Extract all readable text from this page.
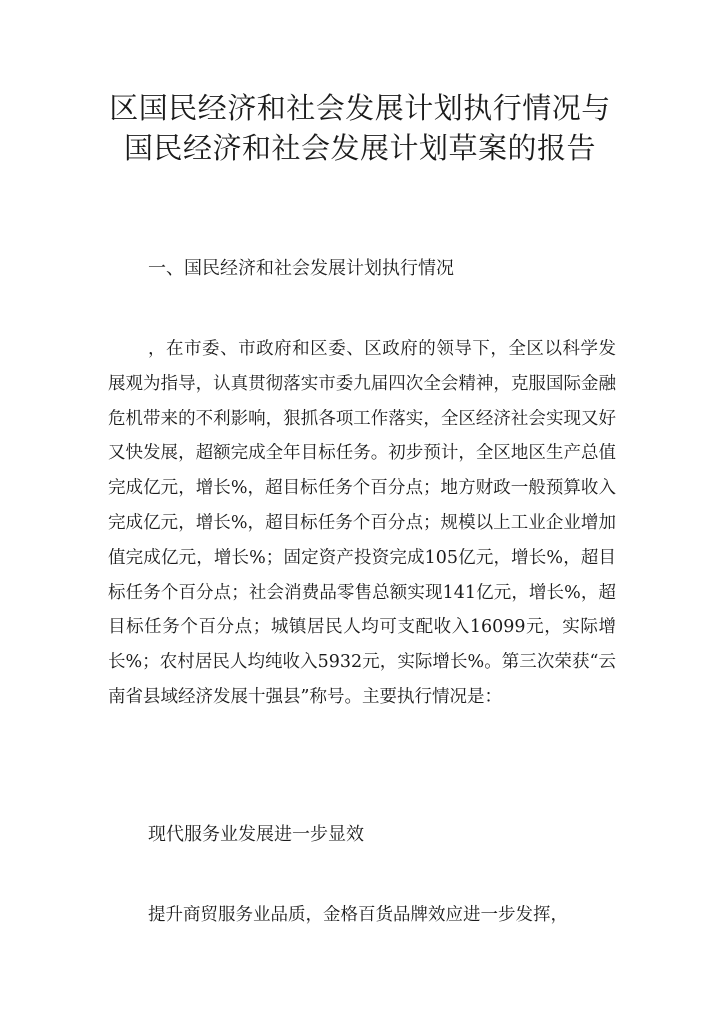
区国民经济和社会发展计划执行情况与
国民经济和社会发展计划草案的报告

一、国民经济和社会发展计划执行情况

，在市委、市政府和区委、区政府的领导下，全区以科学发展观为指导，认真贯彻落实市委九届四次全会精神，克服国际金融危机带来的不利影响，狠抓各项工作落实，全区经济社会实现又好又快发展，超额完成全年目标任务。初步预计，全区地区生产总值完成亿元，增长%，超目标任务个百分点；地方财政一般预算收入完成亿元，增长%，超目标任务个百分点；规模以上工业企业增加值完成亿元，增长%；固定资产投资完成105亿元，增长%，超目标任务个百分点；社会消费品零售总额实现141亿元，增长%，超目标任务个百分点；城镇居民人均可支配收入16099元，实际增长%；农村居民人均纯收入5932元，实际增长%。第三次荣获“云南省县域经济发展十强县”称号。主要执行情况是：

现代服务业发展进一步显效

提升商贸服务业品质，金格百货品牌效应进一步发挥，
